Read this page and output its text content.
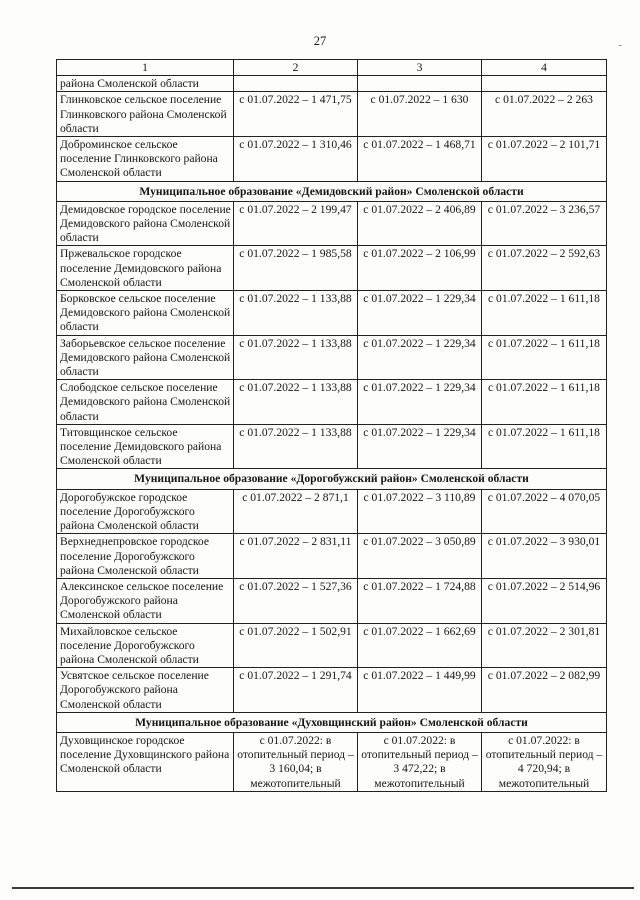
27	-
1	2	3	4
района Смоленской области			
Глинковское сельское поселение Глинковского района Смоленской области	с 01.07.2022 – 1 471,75	с 01.07.2022 – 1 630	с 01.07.2022 – 2 263
Доброминское сельское поселение Глинковского района Смоленской области	с 01.07.2022 – 1 310,46	с 01.07.2022 – 1 468,71	с 01.07.2022 – 2 101,71
Муниципальное образование «Демидовский район» Смоленской области			
Демидовское городское поселение Демидовского района Смоленской области	с 01.07.2022 – 2 199,47	с 01.07.2022 – 2 406,89	с 01.07.2022 – 3 236,57
Пржевальское городское поселение Демидовского района Смоленской области	с 01.07.2022 – 1 985,58	с 01.07.2022 – 2 106,99	с 01.07.2022 – 2 592,63
Борковское сельское поселение Демидовского района Смоленской области	с 01.07.2022 – 1 133,88	с 01.07.2022 – 1 229,34	с 01.07.2022 – 1 611,18
Заборьевское сельское поселение Демидовского района Смоленской области	с 01.07.2022 – 1 133,88	с 01.07.2022 – 1 229,34	с 01.07.2022 – 1 611,18
Слободское сельское поселение Демидовского района Смоленской области	с 01.07.2022 – 1 133,88	с 01.07.2022 – 1 229,34	с 01.07.2022 – 1 611,18
Титовщинское сельское поселение Демидовского района Смоленской области	с 01.07.2022 – 1 133,88	с 01.07.2022 – 1 229,34	с 01.07.2022 – 1 611,18
Муниципальное образование «Дорогобужский район» Смоленской области			
Дорогобужское городское поселение Дорогобужского района Смоленской области	с 01.07.2022 – 2 871,1	с 01.07.2022 – 3 110,89	с 01.07.2022 – 4 070,05
Верхнеднепровское городское поселение Дорогобужского района Смоленской области	с 01.07.2022 – 2 831,11	с 01.07.2022 – 3 050,89	с 01.07.2022 – 3 930,01
Алексинское сельское поселение Дорогобужского района Смоленской области	с 01.07.2022 – 1 527,36	с 01.07.2022 – 1 724,88	с 01.07.2022 – 2 514,96
Михайловское сельское поселение Дорогобужского района Смоленской области	с 01.07.2022 – 1 502,91	с 01.07.2022 – 1 662,69	с 01.07.2022 – 2 301,81
Усвятское сельское поселение Дорогобужского района Смоленской области	с 01.07.2022 – 1 291,74	с 01.07.2022 – 1 449,99	с 01.07.2022 – 2 082,99
Муниципальное образование «Духовщинский район» Смоленской области			
Духовщинское городское поселение Духовщинского района Смоленской области	с 01.07.2022: в отопительный период – 3 160,04; в межотопительный	с 01.07.2022: в отопительный период – 3 472,22; в межотопительный	с 01.07.2022: в отопительный период – 4 720,94; в межотопительный
